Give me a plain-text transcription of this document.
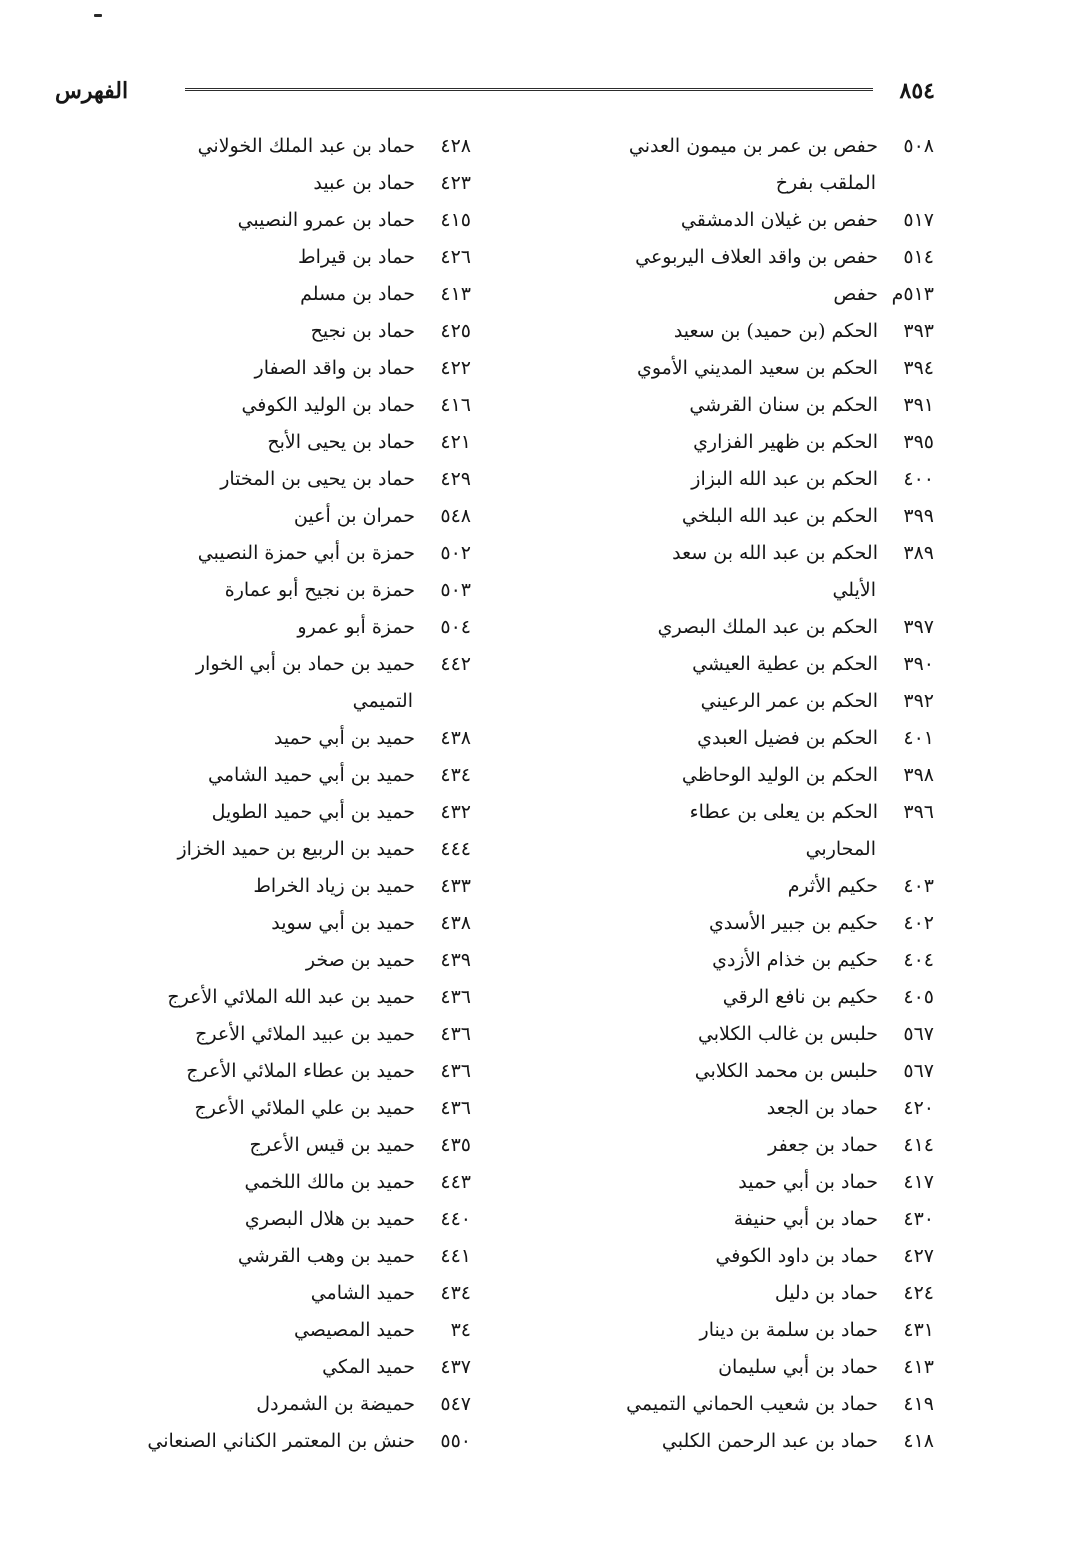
الفهرس	٨٥٤
٥٠٨
حفص بن عمر بن ميمون العدني
الملقب بفرخ
٥١٧
حفص بن غيلان الدمشقي
٥١٤
حفص بن واقد العلاف اليربوعي
٥١٣م
حفص
٣٩٣
الحكم (بن حميد) بن سعيد
٣٩٤
الحكم بن سعيد المديني الأموي
٣٩١
الحكم بن سنان القرشي
٣٩٥
الحكم بن ظهير الفزاري
٤٠٠
الحكم بن عبد الله البزاز
٣٩٩
الحكم بن عبد الله البلخي
٣٨٩
الحكم بن عبد الله بن سعد
الأيلي
٣٩٧
الحكم بن عبد الملك البصري
٣٩٠
الحكم بن عطية العيشي
٣٩٢
الحكم بن عمر الرعيني
٤٠١
الحكم بن فضيل العبدي
٣٩٨
الحكم بن الوليد الوحاظي
٣٩٦
الحكم بن يعلى بن عطاء
المحاربي
٤٠٣
حكيم الأثرم
٤٠٢
حكيم بن جبير الأسدي
٤٠٤
حكيم بن خذام الأزدي
٤٠٥
حكيم بن نافع الرقي
٥٦٧
حلبس بن غالب الكلابي
٥٦٧
حلبس بن محمد الكلابي
٤٢٠
حماد بن الجعد
٤١٤
حماد بن جعفر
٤١٧
حماد بن أبي حميد
٤٣٠
حماد بن أبي حنيفة
٤٢٧
حماد بن داود الكوفي
٤٢٤
حماد بن دليل
٤٣١
حماد بن سلمة بن دينار
٤١٣
حماد بن أبي سليمان
٤١٩
حماد بن شعيب الحماني التميمي
٤١٨
حماد بن عبد الرحمن الكلبي
٤٢٨
حماد بن عبد الملك الخولاني
٤٢٣
حماد بن عبيد
٤١٥
حماد بن عمرو النصيبي
٤٢٦
حماد بن قيراط
٤١٣
حماد بن مسلم
٤٢٥
حماد بن نجيح
٤٢٢
حماد بن واقد الصفار
٤١٦
حماد بن الوليد الكوفي
٤٢١
حماد بن يحيى الأبح
٤٢٩
حماد بن يحيى بن المختار
٥٤٨
حمران بن أعين
٥٠٢
حمزة بن أبي حمزة النصيبي
٥٠٣
حمزة بن نجيح أبو عمارة
٥٠٤
حمزة أبو عمرو
٤٤٢
حميد بن حماد بن أبي الخوار
التميمي
٤٣٨
حميد بن أبي حميد
٤٣٤
حميد بن أبي حميد الشامي
٤٣٢
حميد بن أبي حميد الطويل
٤٤٤
حميد بن الربيع بن حميد الخزاز
٤٣٣
حميد بن زياد الخراط
٤٣٨
حميد بن أبي سويد
٤٣٩
حميد بن صخر
٤٣٦
حميد بن عبد الله الملائي الأعرج
٤٣٦
حميد بن عبيد الملائي الأعرج
٤٣٦
حميد بن عطاء الملائي الأعرج
٤٣٦
حميد بن علي الملائي الأعرج
٤٣٥
حميد بن قيس الأعرج
٤٤٣
حميد بن مالك اللخمي
٤٤٠
حميد بن هلال البصري
٤٤١
حميد بن وهب القرشي
٤٣٤
حميد الشامي
٣٤
حميد المصيصي
٤٣٧
حميد المكي
٥٤٧
حميضة بن الشمردل
٥٥٠
حنش بن المعتمر الكناني الصنعاني
